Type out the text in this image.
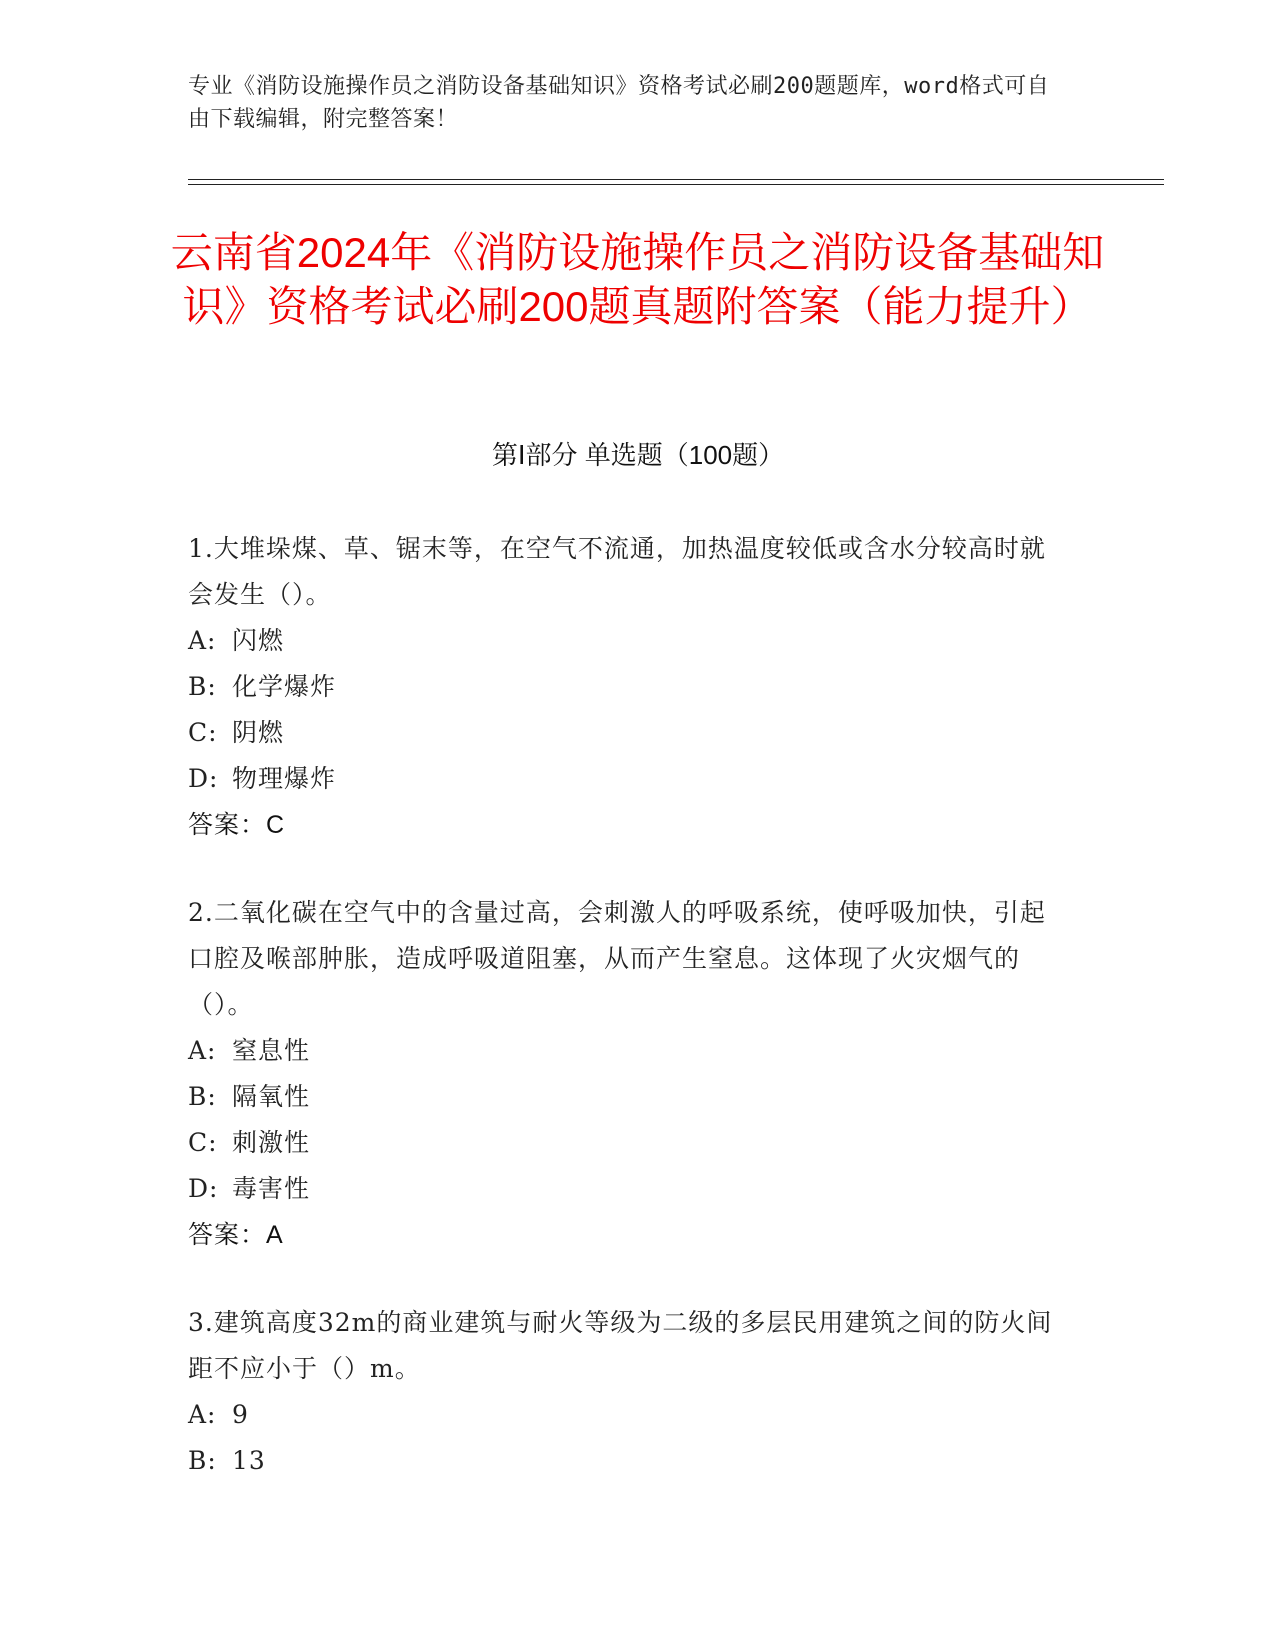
专业《消防设施操作员之消防设备基础知识》资格考试必刷200题题库，word格式可自由下载编辑，附完整答案！
云南省2024年《消防设施操作员之消防设备基础知识》资格考试必刷200题真题附答案（能力提升）
第Ⅰ部分 单选题（100题）
1.大堆垛煤、草、锯末等，在空气不流通，加热温度较低或含水分较高时就会发生（）。
A: 闪燃
B: 化学爆炸
C: 阴燃
D: 物理爆炸
答案：C
2.二氧化碳在空气中的含量过高，会刺激人的呼吸系统，使呼吸加快，引起口腔及喉部肿胀，造成呼吸道阻塞，从而产生窒息。这体现了火灾烟气的（）。
A: 窒息性
B: 隔氧性
C: 刺激性
D: 毒害性
答案：A
3.建筑高度32m的商业建筑与耐火等级为二级的多层民用建筑之间的防火间距不应小于（）m。
A: 9
B: 13
